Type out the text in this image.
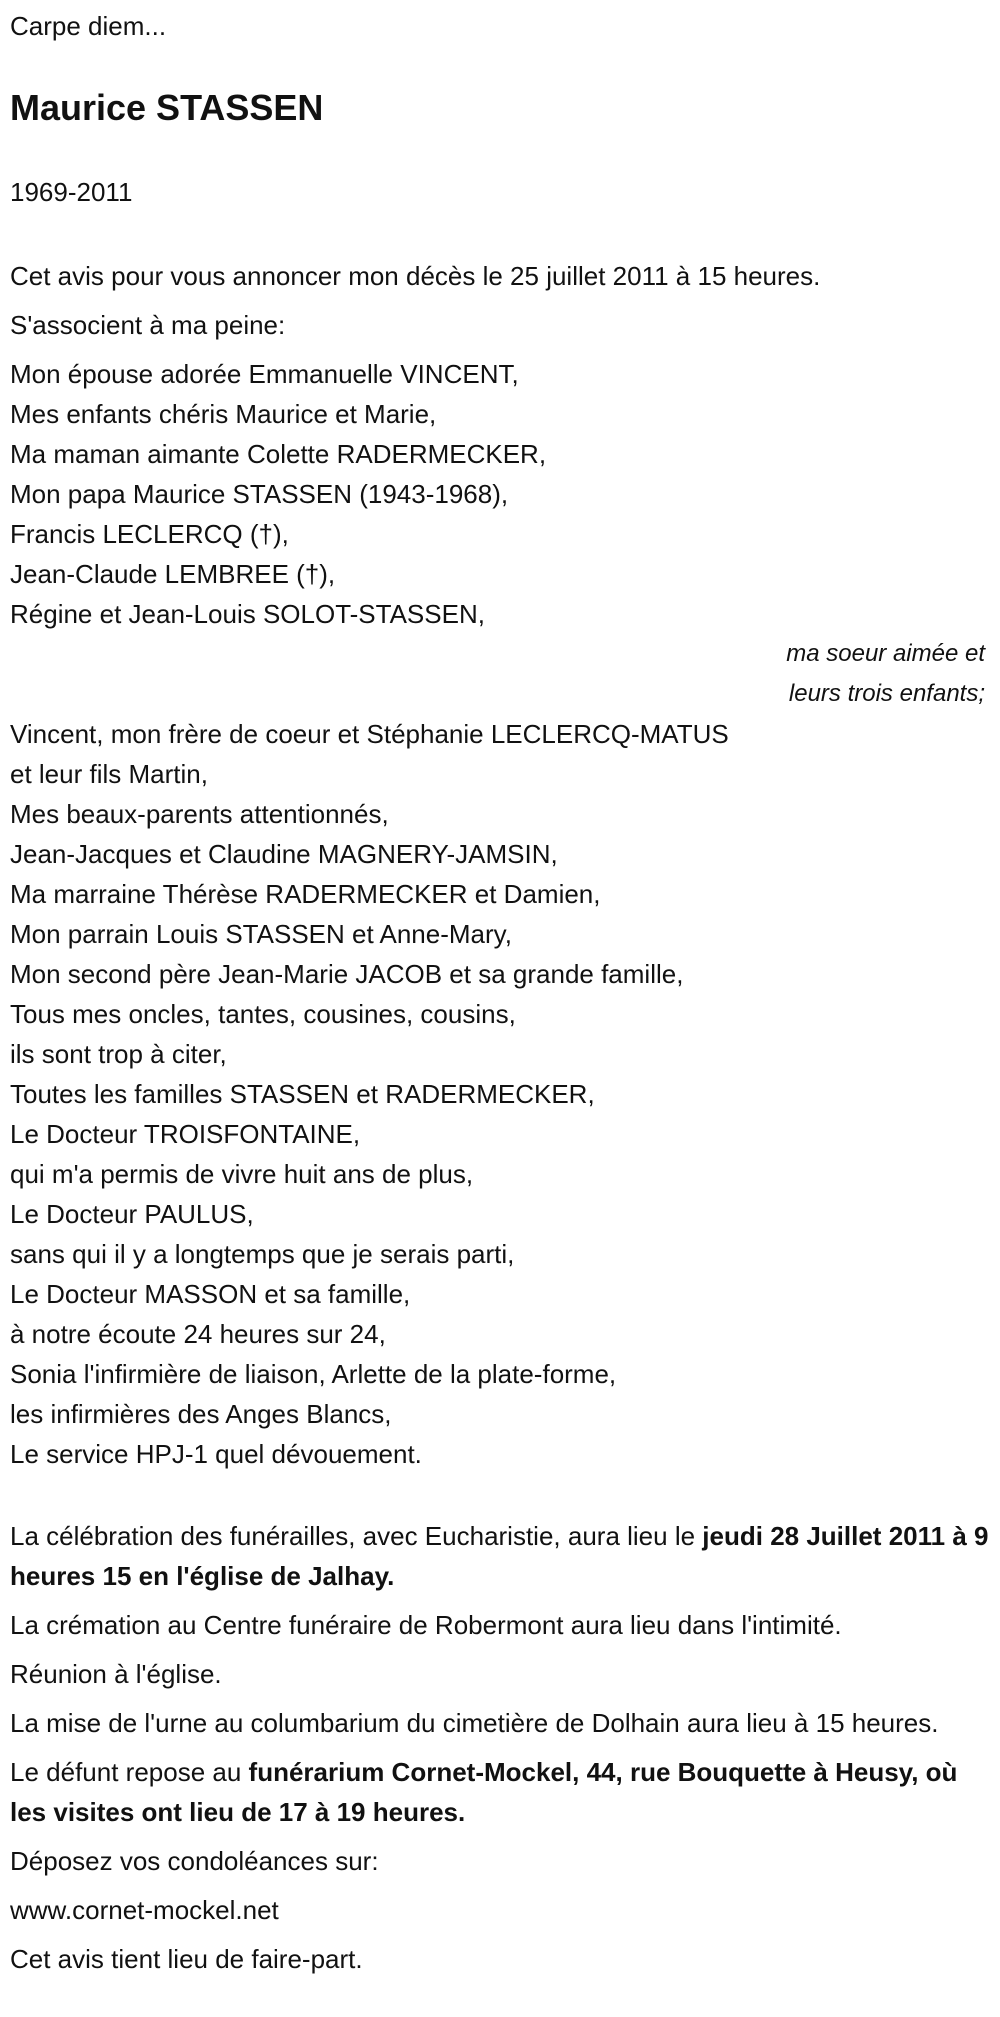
Carpe diem...
Maurice STASSEN
1969-2011

Cet avis pour vous annoncer mon décès le 25 juillet 2011 à 15 heures.

S'associent à ma peine:

Mon épouse adorée Emmanuelle VINCENT,
Mes enfants chéris Maurice et Marie,
Ma maman aimante Colette RADERMECKER,
Mon papa Maurice STASSEN (1943-1968),
Francis LECLERCQ (†),
Jean-Claude LEMBREE (†),
Régine et Jean-Louis SOLOT-STASSEN,
ma soeur aimée et
leurs trois enfants;
Vincent, mon frère de coeur et Stéphanie LECLERCQ-MATUS
et leur fils Martin,
Mes beaux-parents attentionnés,
Jean-Jacques et Claudine MAGNERY-JAMSIN,
Ma marraine Thérèse RADERMECKER et Damien,
Mon parrain Louis STASSEN et Anne-Mary,
Mon second père Jean-Marie JACOB et sa grande famille,
Tous mes oncles, tantes, cousines, cousins,
ils sont trop à citer,
Toutes les familles STASSEN et RADERMECKER,
Le Docteur TROISFONTAINE,
qui m'a permis de vivre huit ans de plus,
Le Docteur PAULUS,
sans qui il y a longtemps que je serais parti,
Le Docteur MASSON et sa famille,
à notre écoute 24 heures sur 24,
Sonia l'infirmière de liaison, Arlette de la plate-forme,
les infirmières des Anges Blancs,
Le service HPJ-1 quel dévouement.

La célébration des funérailles, avec Eucharistie, aura lieu le jeudi 28 Juillet 2011 à 9 heures 15 en l'église de Jalhay.

La crémation au Centre funéraire de Robermont aura lieu dans l'intimité.

Réunion à l'église.

La mise de l'urne au columbarium du cimetière de Dolhain aura lieu à 15 heures.

Le défunt repose au funérarium Cornet-Mockel, 44, rue Bouquette à Heusy, où les visites ont lieu de 17 à 19 heures.

Déposez vos condoléances sur:

www.cornet-mockel.net

Cet avis tient lieu de faire-part.
